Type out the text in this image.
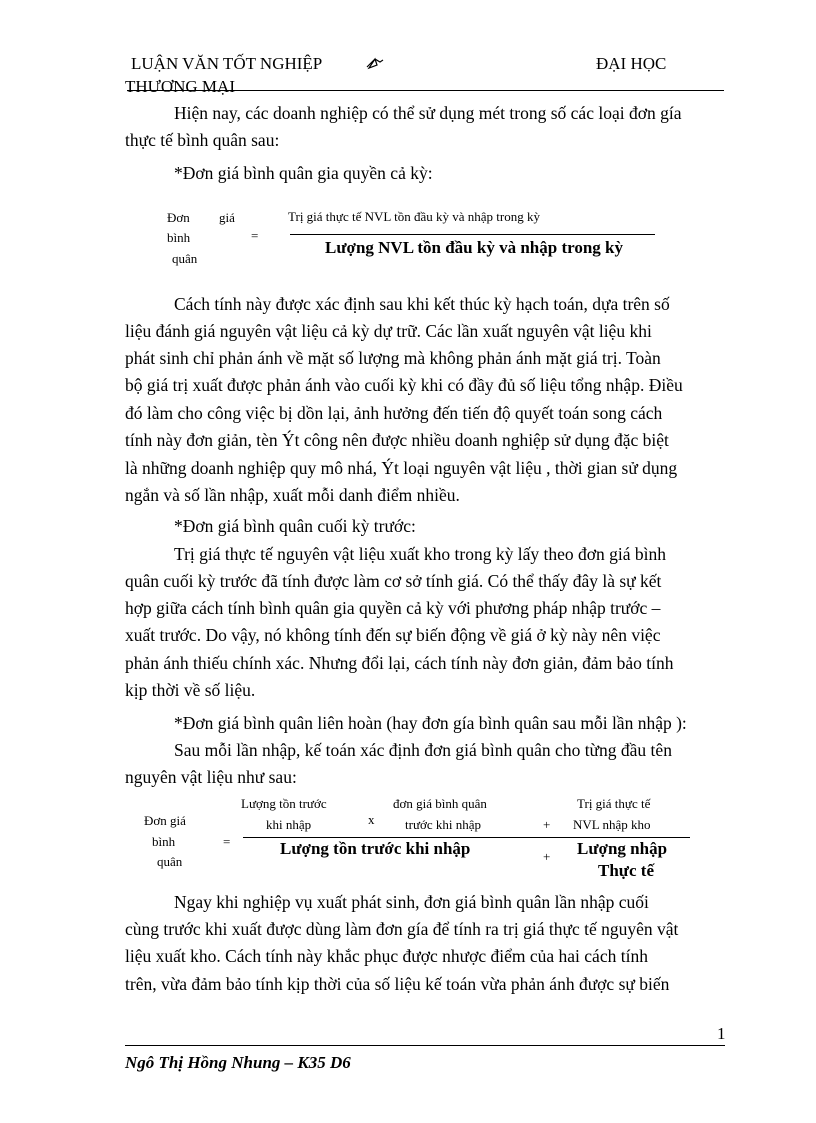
LUẬN VĂN TỐT NGHIỆP	ĐẠI HỌC
THƯƠNG MẠI
Hiện nay, các doanh nghiệp có thể sử dụng mét trong số các loại đơn gía
thực tế bình quân sau:
*Đơn giá bình quân gia quyền cả kỳ:
Đơn giá
bình
quân
=
Trị giá thực tế NVL tồn đầu kỳ và nhập trong kỳ
Lượng NVL tồn đầu kỳ và nhập trong kỳ
Cách tính này được xác định sau khi kết thúc kỳ hạch toán, dựa trên số
liệu đánh giá nguyên vật liệu cả kỳ dự trữ. Các lần xuất nguyên vật liệu khi
phát sinh chỉ phản ánh về mặt số lượng mà không phản ánh mặt giá trị. Toàn
bộ giá trị xuất được phản ánh vào cuối kỳ khi có đầy đủ số liệu tổng nhập. Điều
đó làm cho công việc bị dồn lại, ảnh hưởng đến tiến độ quyết toán song cách
tính này đơn giản, tèn Ýt công nên được nhiều doanh nghiệp sử dụng đặc biệt
là những doanh nghiệp quy mô nhá, Ýt loại nguyên vật liệu , thời gian sử dụng
ngắn và số lần nhập, xuất mỗi danh điểm nhiều.
*Đơn giá bình quân cuối kỳ trước:
Trị giá thực tế nguyên vật liệu xuất kho trong kỳ lấy theo đơn giá bình
quân cuối kỳ trước đã tính được làm cơ sở tính giá. Có thể thấy đây là sự kết
hợp giữa cách tính bình quân gia quyền cả kỳ với phương pháp nhập trước –
xuất trước. Do vậy, nó không tính đến sự biến động về giá ở kỳ này nên việc
phản ánh thiếu chính xác. Nhưng đổi lại, cách tính này đơn giản, đảm bảo tính
kịp thời về số liệu.
*Đơn giá bình quân liên hoàn (hay đơn gía bình quân sau mỗi lần nhập ):
Sau mỗi lần nhập, kế toán xác định đơn giá bình quân cho từng đầu tên
nguyên vật liệu như sau:
Đơn giá
bình
quân
=
Lượng tồn trước
khi nhập	x
đơn giá bình quân
trước khi nhập	+
Trị giá thực tế
NVL nhập kho
Lượng tồn trước khi nhập	+ Lượng nhập
Thực tế
Ngay khi nghiệp vụ xuất phát sinh, đơn giá bình quân lần nhập cuối
cùng trước khi xuất được dùng làm đơn gía để tính ra trị giá thực tế nguyên vật
liệu xuất kho. Cách tính này khắc phục được nhược điểm của hai cách tính
trên, vừa đảm bảo tính kịp thời của số liệu kế toán vừa phản ánh được sự biến
1
Ngô Thị Hồng Nhung – K35 D6
